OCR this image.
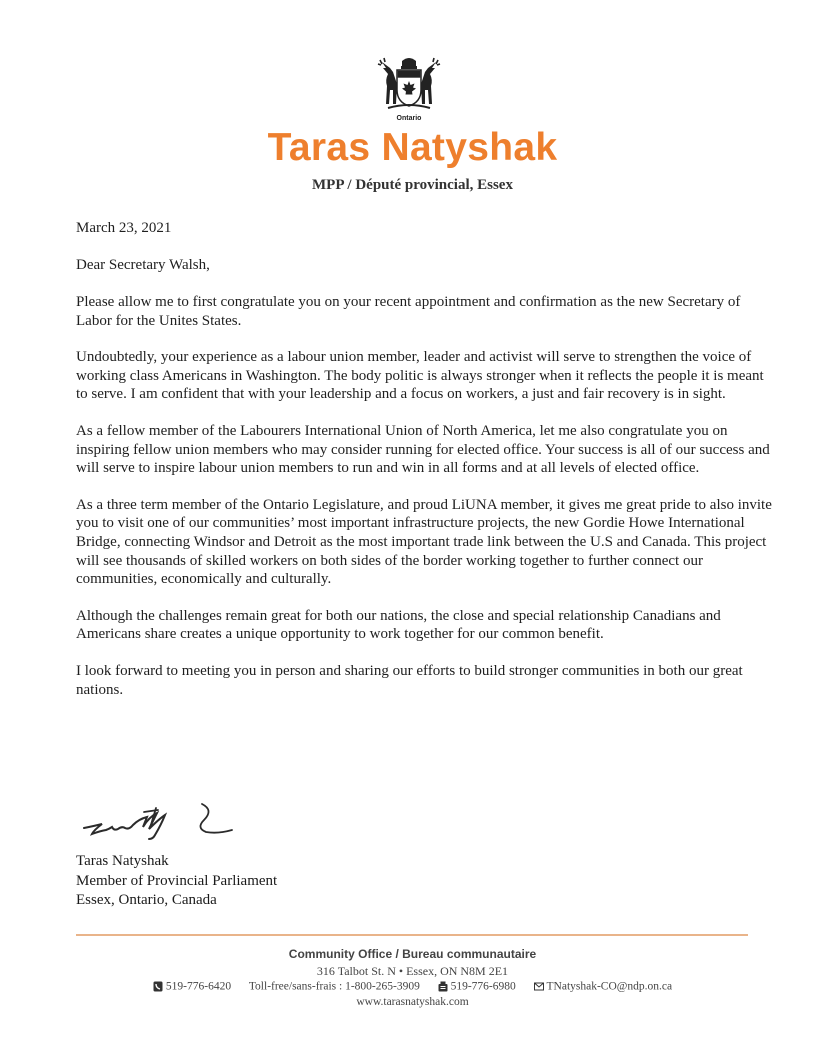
Ontario
Taras Natyshak
MPP / Député provincial, Essex
March 23, 2021
Dear Secretary Walsh,

Please allow me to first congratulate you on your recent appointment and confirmation as the new Secretary of Labor for the Unites States.

Undoubtedly, your experience as a labour union member, leader and activist will serve to strengthen the voice of working class Americans in Washington. The body politic is always stronger when it reflects the people it is meant to serve. I am confident that with your leadership and a focus on workers, a just and fair recovery is in sight.

As a fellow member of the Labourers International Union of North America, let me also congratulate you on inspiring fellow union members who may consider running for elected office. Your success is all of our success and will serve to inspire labour union members to run and win in all forms and at all levels of elected office.

As a three term member of the Ontario Legislature, and proud LiUNA member, it gives me great pride to also invite you to visit one of our communities’ most important infrastructure projects, the new Gordie Howe International Bridge, connecting Windsor and Detroit as the most important trade link between the U.S and Canada. This project will see thousands of skilled workers on both sides of the border working together to further connect our communities, economically and culturally.

Although the challenges remain great for both our nations, the close and special relationship Canadians and Americans share creates a unique opportunity to work together for our common benefit.

I look forward to meeting you in person and sharing our efforts to build stronger communities in both our great nations.

Taras Natyshak
Member of Provincial Parliament
Essex, Ontario, Canada
Community Office / Bureau communautaire
316 Talbot St. N • Essex, ON N8M 2E1
519-776-6420 Toll-free/sans-frais : 1-800-265-3909	519-776-6980	TNatyshak-CO@ndp.on.ca
www.tarasnatyshak.com
